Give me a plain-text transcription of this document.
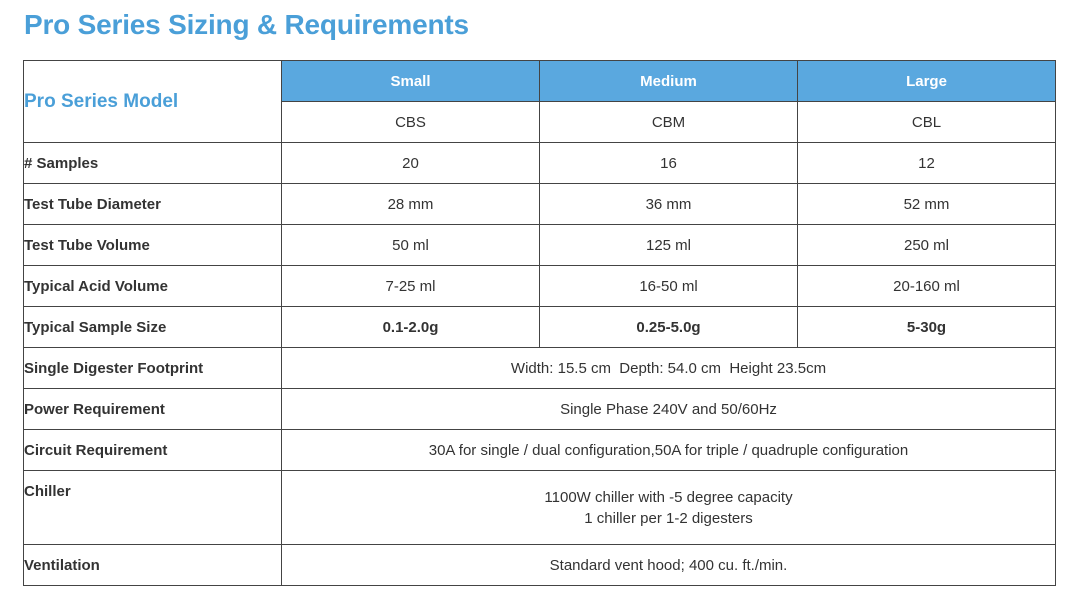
Pro Series Sizing & Requirements
Pro Series Model	Small	Medium	Large
	CBS	CBM	CBL
# Samples	20	16	12
Test Tube Diameter	28 mm	36 mm	52 mm
Test Tube Volume	50 ml	125 ml	250 ml
Typical Acid Volume	7-25 ml	16-50 ml	20-160 ml
Typical Sample Size	0.1-2.0g	0.25-5.0g	5-30g
Single Digester Footprint	Width: 15.5 cm  Depth: 54.0 cm  Height 23.5cm		
Power Requirement	Single Phase 240V and 50/60Hz		
Circuit Requirement	30A for single / dual configuration,50A for triple / quadruple configuration		
Chiller	1100W chiller with -5 degree capacity
1 chiller per 1-2 digesters		

Ventilation	Standard vent hood; 400 cu. ft./min.		
